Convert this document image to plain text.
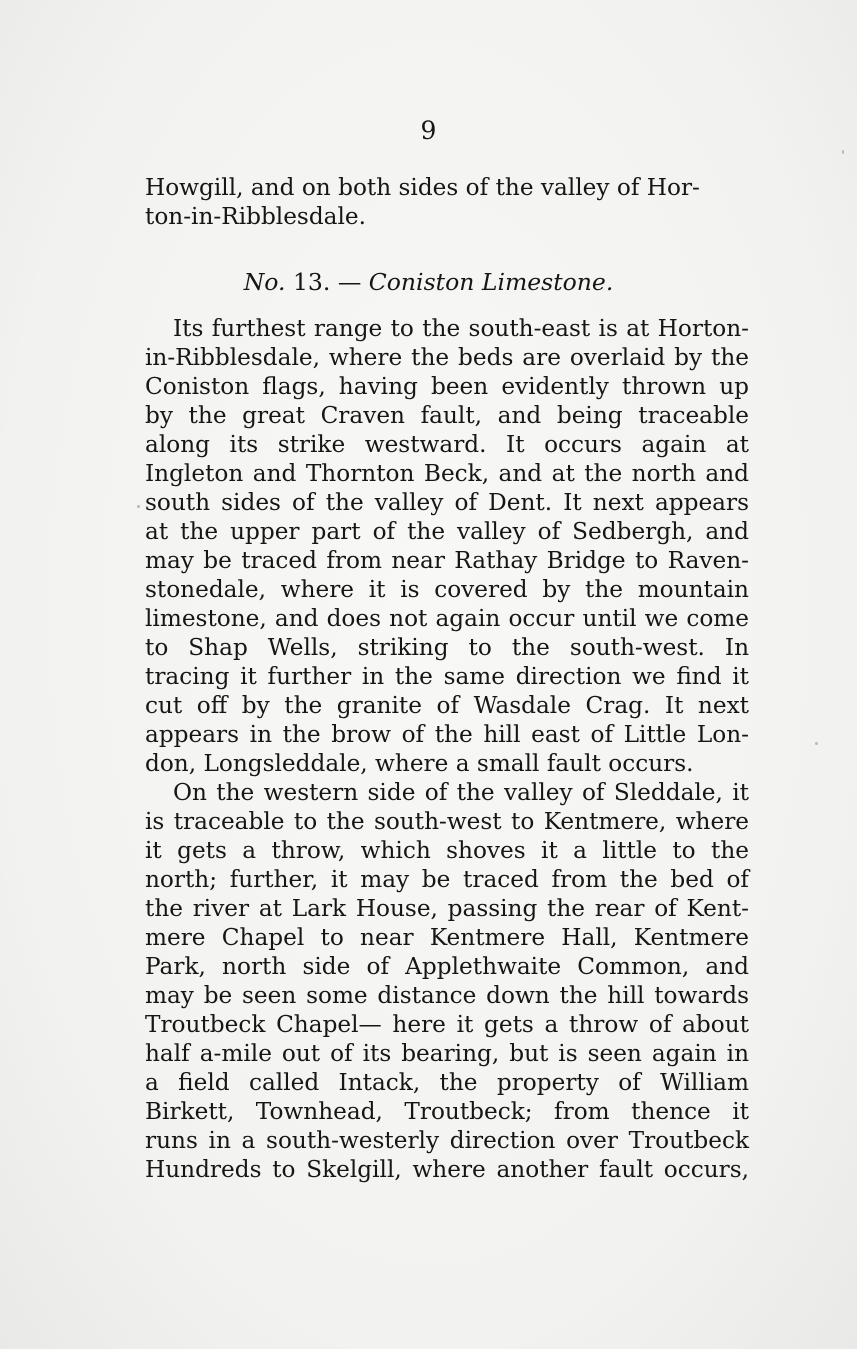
9
Howgill, and on both sides of the valley of Hor-
ton-in-Ribblesdale.
No. 13. — Coniston Limestone.
Its furthest range to the south-east is at Horton-
in-Ribblesdale, where the beds are overlaid by the
Coniston flags, having been evidently thrown up
by the great Craven fault, and being traceable
along its strike westward. It occurs again at
Ingleton and Thornton Beck, and at the north and
south sides of the valley of Dent. It next appears
at the upper part of the valley of Sedbergh, and
may be traced from near Rathay Bridge to Raven-
stonedale, where it is covered by the mountain
limestone, and does not again occur until we come
to Shap Wells, striking to the south-west. In
tracing it further in the same direction we find it
cut off by the granite of Wasdale Crag. It next
appears in the brow of the hill east of Little Lon-
don, Longsleddale, where a small fault occurs.
On the western side of the valley of Sleddale, it
is traceable to the south-west to Kentmere, where
it gets a throw, which shoves it a little to the
north; further, it may be traced from the bed of
the river at Lark House, passing the rear of Kent-
mere Chapel to near Kentmere Hall, Kentmere
Park, north side of Applethwaite Common, and
may be seen some distance down the hill towards
Troutbeck Chapel— here it gets a throw of about
half a-mile out of its bearing, but is seen again in
a field called Intack, the property of William
Birkett, Townhead, Troutbeck; from thence it
runs in a south-westerly direction over Troutbeck
Hundreds to Skelgill, where another fault occurs,
